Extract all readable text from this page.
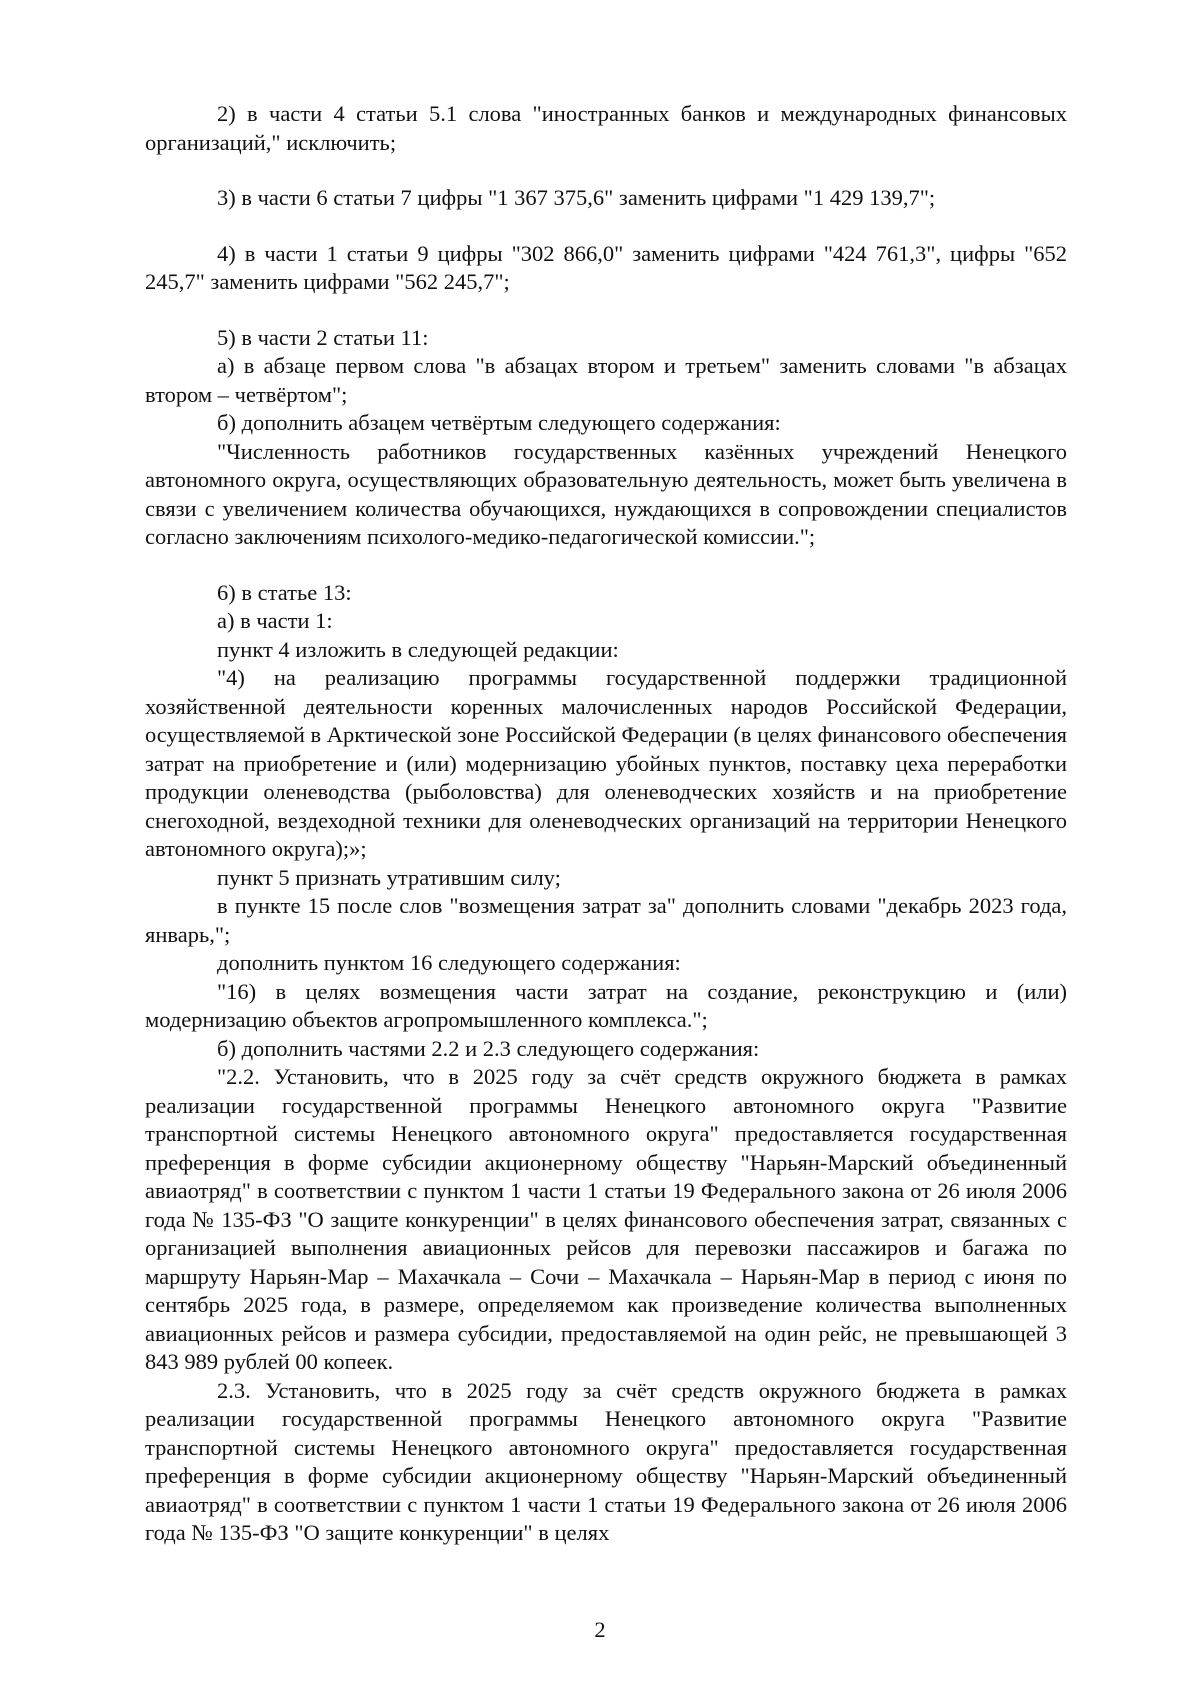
2) в части 4 статьи 5.1 слова "иностранных банков и международных финансовых организаций," исключить;

3) в части 6 статьи 7 цифры "1 367 375,6" заменить цифрами "1 429 139,7";

4) в части 1 статьи 9 цифры "302 866,0" заменить цифрами "424 761,3", цифры "652 245,7" заменить цифрами "562 245,7";

5) в части 2 статьи 11:

а) в абзаце первом слова "в абзацах втором и третьем" заменить словами "в абзацах втором – четвёртом";

б) дополнить абзацем четвёртым следующего содержания:

"Численность работников государственных казённых учреждений Ненецкого автономного округа, осуществляющих образовательную деятельность, может быть увеличена в связи с увеличением количества обучающихся, нуждающихся в сопровождении специалистов согласно заключениям психолого-медико-педагогической комиссии.";

6) в статье 13:

а) в части 1:

пункт 4 изложить в следующей редакции:

"4) на реализацию программы государственной поддержки традиционной хозяйственной деятельности коренных малочисленных народов Российской Федерации, осуществляемой в Арктической зоне Российской Федерации (в целях финансового обеспечения затрат на приобретение и (или) модернизацию убойных пунктов, поставку цеха переработки продукции оленеводства (рыболовства) для оленеводческих хозяйств и на приобретение снегоходной, вездеходной техники для оленеводческих организаций на территории Ненецкого автономного округа);»;

пункт 5 признать утратившим силу;

в пункте 15 после слов "возмещения затрат за" дополнить словами "декабрь 2023 года, январь,";

дополнить пунктом 16 следующего содержания:

"16) в целях возмещения части затрат на создание, реконструкцию и (или) модернизацию объектов агропромышленного комплекса.";

б) дополнить частями 2.2 и 2.3 следующего содержания:

"2.2. Установить, что в 2025 году за счёт средств окружного бюджета в рамках реализации государственной программы Ненецкого автономного округа "Развитие транспортной системы Ненецкого автономного округа" предоставляется государственная преференция в форме субсидии акционерному обществу "Нарьян-Марский объединенный авиаотряд" в соответствии с пунктом 1 части 1 статьи 19 Федерального закона от 26 июля 2006 года № 135-ФЗ "О защите конкуренции" в целях финансового обеспечения затрат, связанных с организацией выполнения авиационных рейсов для перевозки пассажиров и багажа по маршруту Нарьян-Мар – Махачкала – Сочи – Махачкала – Нарьян-Мар в период с июня по сентябрь 2025 года, в размере, определяемом как произведение количества выполненных авиационных рейсов и размера субсидии, предоставляемой на один рейс, не превышающей 3 843 989 рублей 00 копеек.

2.3. Установить, что в 2025 году за счёт средств окружного бюджета в рамках реализации государственной программы Ненецкого автономного округа "Развитие транспортной системы Ненецкого автономного округа" предоставляется государственная преференция в форме субсидии акционерному обществу "Нарьян-Марский объединенный авиаотряд" в соответствии с пунктом 1 части 1 статьи 19 Федерального закона от 26 июля 2006 года № 135-ФЗ "О защите конкуренции" в целях

2
